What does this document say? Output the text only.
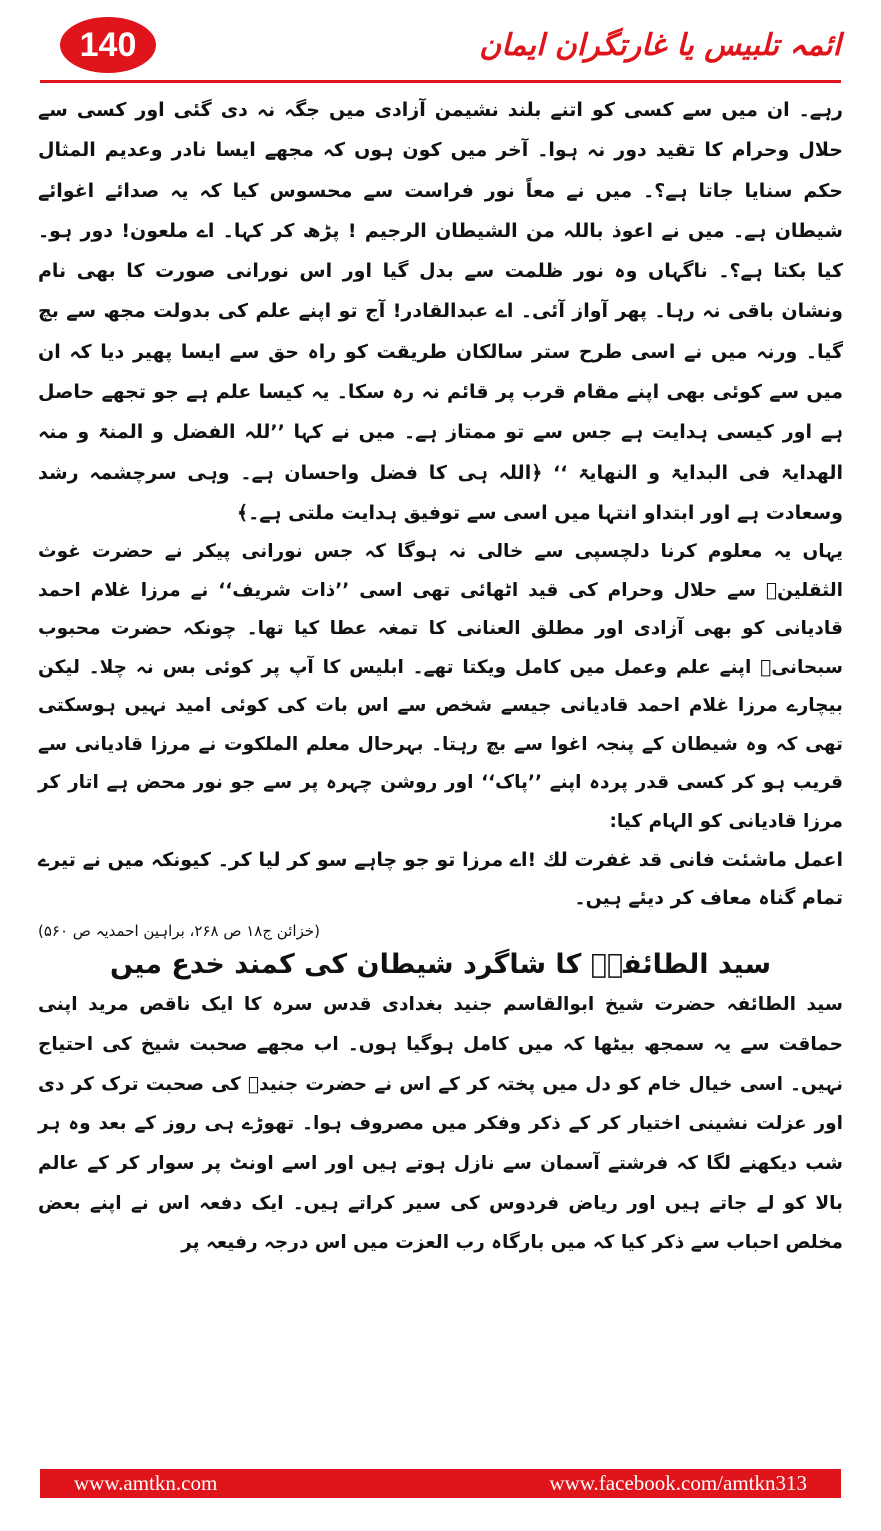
140	ائمہ تلبیس یا غارتگران ایمان

رہے۔ ان میں سے کسی کو اتنے بلند نشیمن آزادی میں جگہ نہ دی گئی اور کسی سے حلال وحرام کا تقید دور نہ ہوا۔ آخر میں کون ہوں کہ مجھے ایسا نادر وعدیم المثال حکم سنایا جاتا ہے؟۔ میں نے معاً نور فراست سے محسوس کیا کہ یہ صدائے اغوائے شیطان ہے۔ میں نے اعوذ باللہ من الشیطان الرجیم ! پڑھ کر کہا۔ اے ملعون! دور ہو۔ کیا بکتا ہے؟۔ ناگہاں وہ نور ظلمت سے بدل گیا اور اس نورانی صورت کا بھی نام ونشان باقی نہ رہا۔ پھر آواز آئی۔ اے عبدالقادر! آج تو اپنے علم کی بدولت مجھ سے بچ گیا۔ ورنہ میں نے اسی طرح ستر سالکان طریقت کو راہ حق سے ایسا پھیر دیا کہ ان میں سے کوئی بھی اپنے مقام قرب پر قائم نہ رہ سکا۔ یہ کیسا علم ہے جو تجھے حاصل ہے اور کیسی ہدایت ہے جس سے تو ممتاز ہے۔ میں نے کہا ’’للہ الفضل و المنۃ و منہ الھدایۃ فی البدایۃ و النھایۃ ‘‘ ﴿اللہ ہی کا فضل واحسان ہے۔ وہی سرچشمہ رشد وسعادت ہے اور ابتداو انتہا میں اسی سے توفیق ہدایت ملتی ہے۔﴾

یہاں یہ معلوم کرنا دلچسپی سے خالی نہ ہوگا کہ جس نورانی پیکر نے حضرت غوث الثقلینؒ سے حلال وحرام کی قید اٹھائی تھی اسی ’’ذات شریف‘‘ نے مرزا غلام احمد قادیانی کو بھی آزادی اور مطلق العنانی کا تمغہ عطا کیا تھا۔ چونکہ حضرت محبوب سبحانیؒ اپنے علم وعمل میں کامل ویکتا تھے۔ ابلیس کا آپ پر کوئی بس نہ چلا۔ لیکن بیچارے مرزا غلام احمد قادیانی جیسے شخص سے اس بات کی کوئی امید نہیں ہوسکتی تھی کہ وہ شیطان کے پنجہ اغوا سے بچ رہتا۔ بہرحال معلم الملکوت نے مرزا قادیانی سے قریب ہو کر کسی قدر پردہ اپنے ’’پاک‘‘ اور روشن چہرہ پر سے جو نور محض ہے اتار کر مرزا قادیانی کو الہام کیا:

اعمل ماشئت فانی قد غفرت لك !اے مرزا تو جو چاہے سو کر لیا کر۔ کیونکہ میں نے تیرے تمام گناہ معاف کر دیئے ہیں۔

(خزائن ج۱۸ ص ۲۶۸، براہین احمدیہ ص ۵۶۰)

سید الطائفہؒ کا شاگرد شیطان کی کمند خدع میں

سید الطائفہ حضرت شیخ ابوالقاسم جنید بغدادی قدس سرہ کا ایک ناقص مرید اپنی حماقت سے یہ سمجھ بیٹھا کہ میں کامل ہوگیا ہوں۔ اب مجھے صحبت شیخ کی احتیاج نہیں۔ اسی خیال خام کو دل میں پختہ کر کے اس نے حضرت جنیدؒ کی صحبت ترک کر دی اور عزلت نشینی اختیار کر کے ذکر وفکر میں مصروف ہوا۔ تھوڑے ہی روز کے بعد وہ ہر شب دیکھنے لگا کہ فرشتے آسمان سے نازل ہوتے ہیں اور اسے اونٹ پر سوار کر کے عالم بالا کو لے جاتے ہیں اور ریاض فردوس کی سیر کراتے ہیں۔ ایک دفعہ اس نے اپنے بعض مخلص احباب سے ذکر کیا کہ میں بارگاہ رب العزت میں اس درجہ رفیعہ پر

www.amtkn.com	www.facebook.com/amtkn313
